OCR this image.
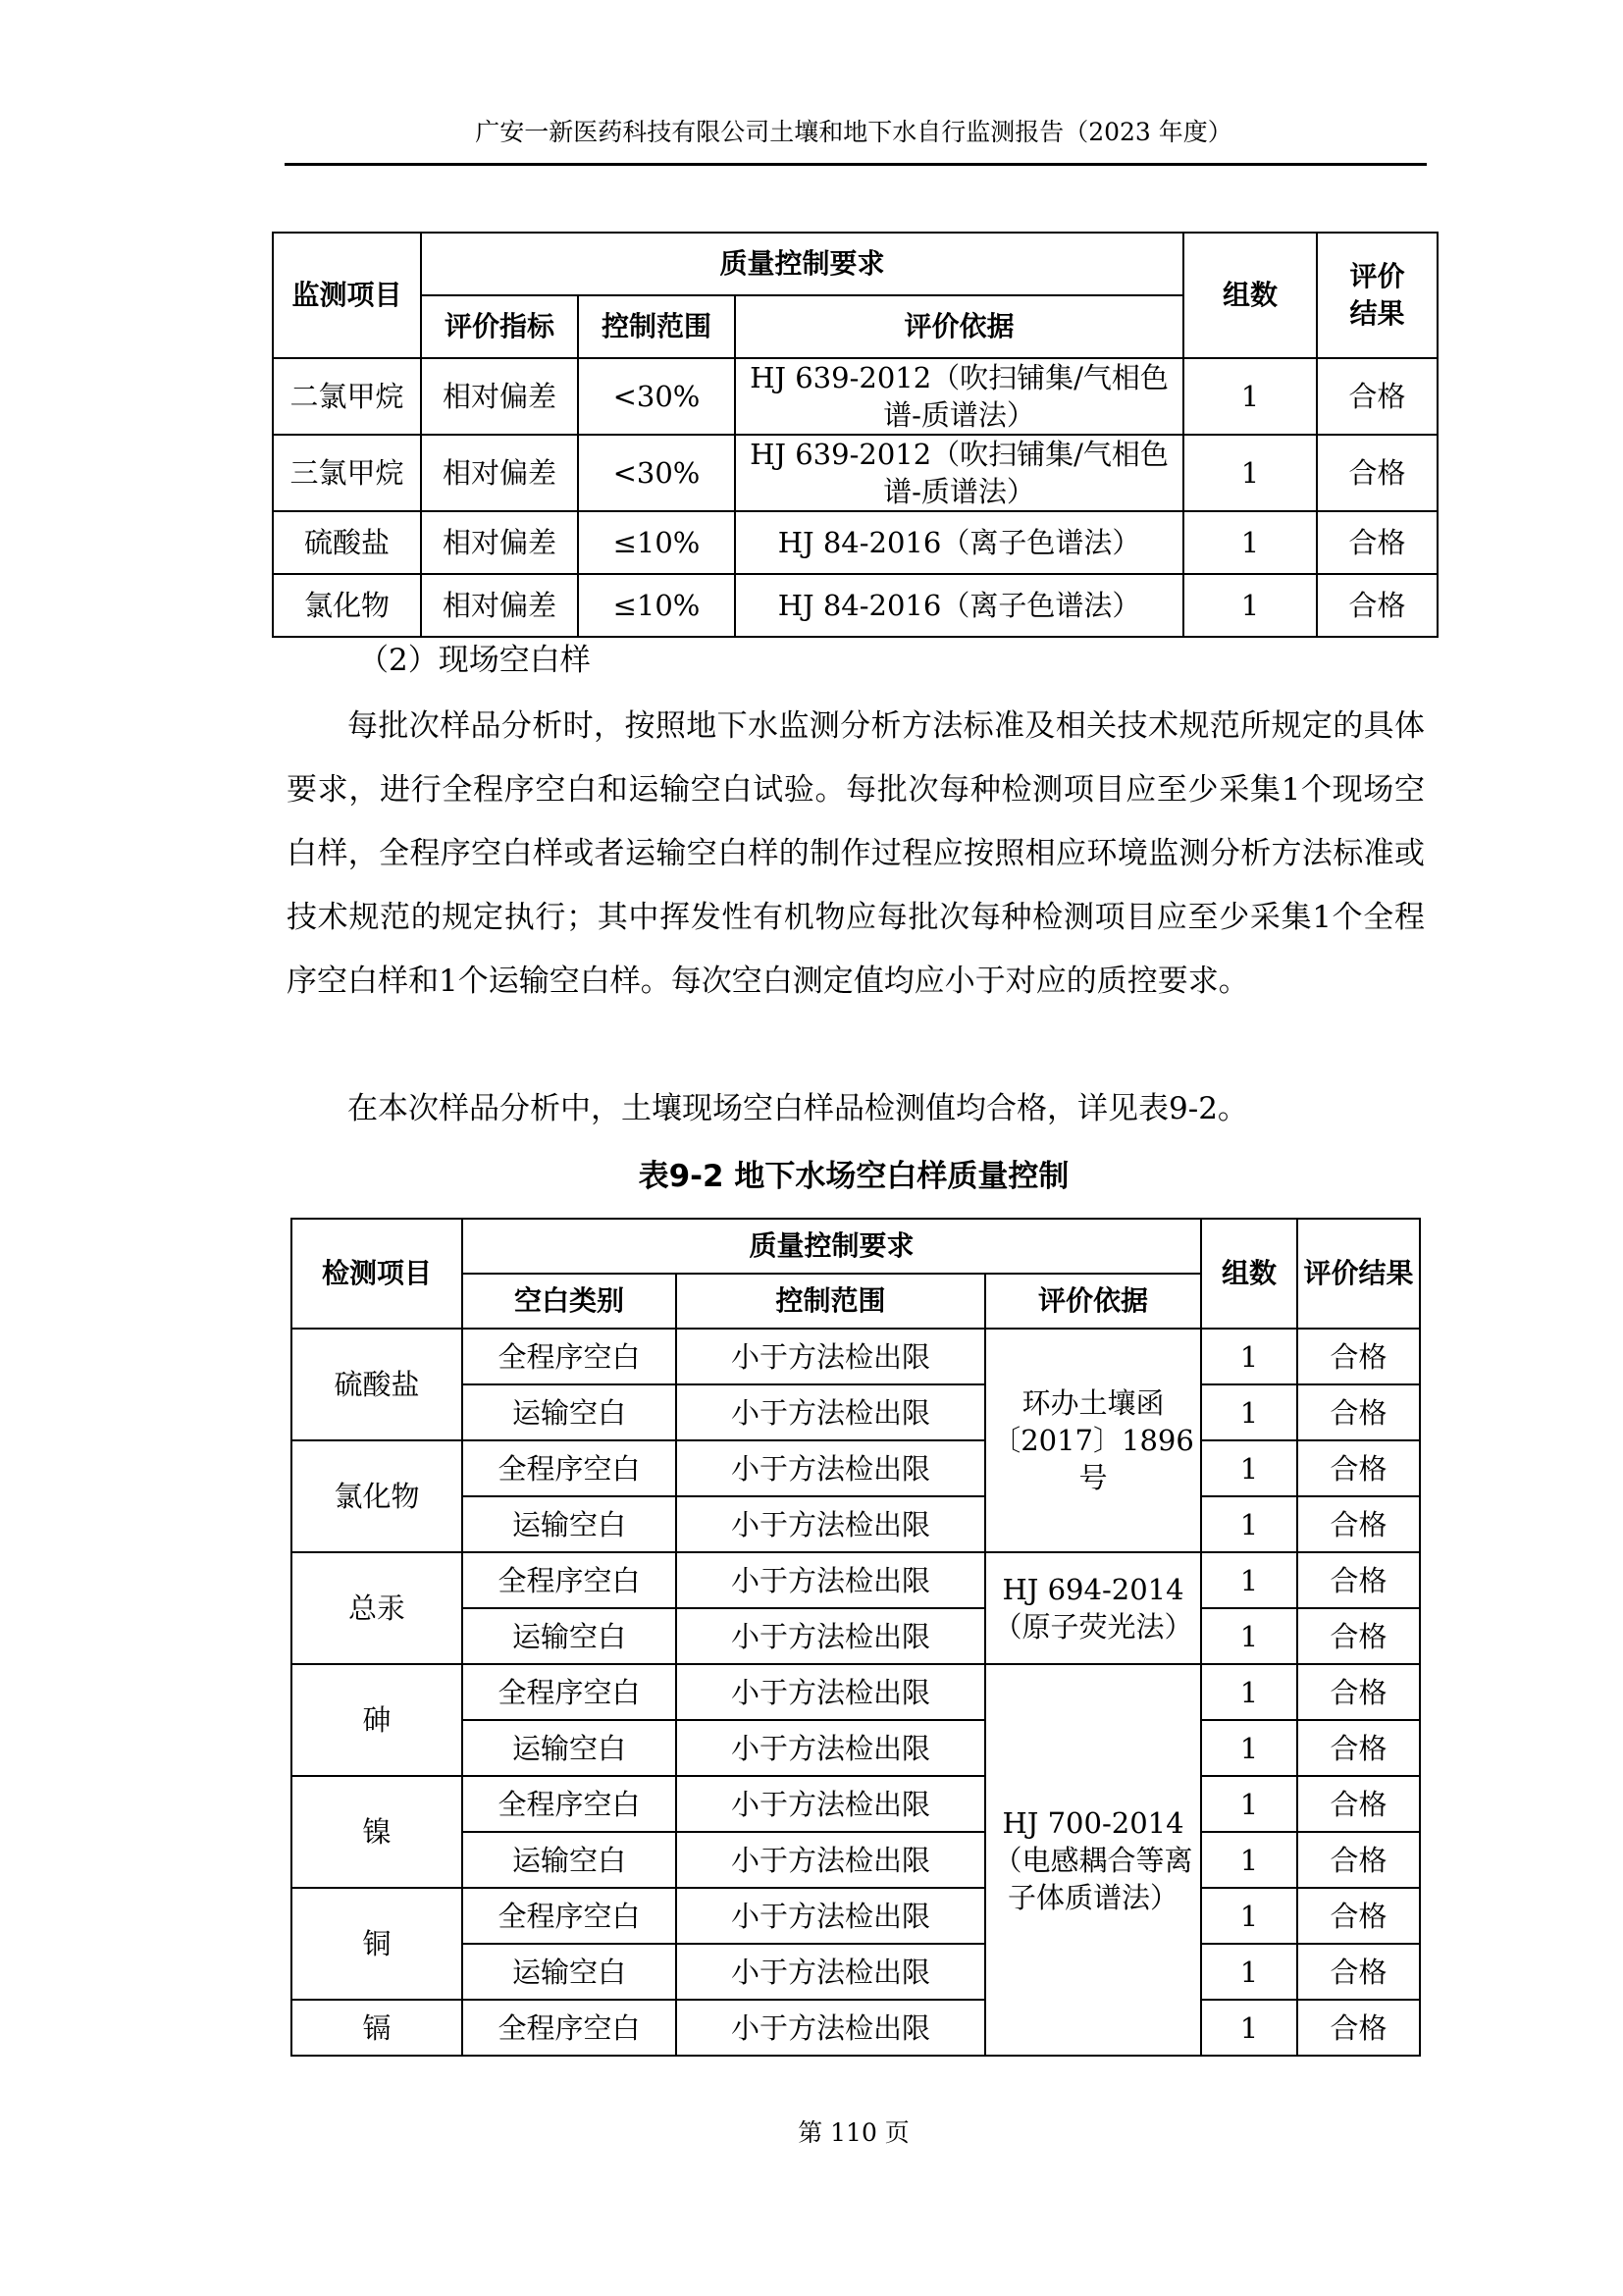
广安一新医药科技有限公司土壤和地下水自行监测报告（2023 年度）
监测项目	质量控制要求			组数	评价
结果
	评价指标	控制范围	评价依据		
二氯甲烷	相对偏差	<30%	HJ 639-2012（吹扫铺集/气相色谱-质谱法）	1	合格
三氯甲烷	相对偏差	<30%	HJ 639-2012（吹扫铺集/气相色谱-质谱法）	1	合格
硫酸盐	相对偏差	≤10%	HJ 84-2016（离子色谱法）	1	合格
氯化物	相对偏差	≤10%	HJ 84-2016（离子色谱法）	1	合格
（2）现场空白样

每批次样品分析时，按照地下水监测分析方法标准及相关技术规范所规定的具体要求，进行全程序空白和运输空白试验。每批次每种检测项目应至少采集1个现场空白样，全程序空白样或者运输空白样的制作过程应按照相应环境监测分析方法标准或技术规范的规定执行；其中挥发性有机物应每批次每种检测项目应至少采集1个全程序空白样和1个运输空白样。每次空白测定值均应小于对应的质控要求。

在本次样品分析中，土壤现场空白样品检测值均合格，详见表9-2。

表9-2 地下水场空白样质量控制
检测项目	质量控制要求			组数	评价结果
	空白类别	控制范围	评价依据		
硫酸盐	全程序空白	小于方法检出限	环办土壤函〔2017〕1896 号	1	合格
	运输空白	小于方法检出限		1	合格
氯化物	全程序空白	小于方法检出限		1	合格
	运输空白	小于方法检出限		1	合格
总汞	全程序空白	小于方法检出限	HJ 694-2014（原子荧光法）	1	合格
	运输空白	小于方法检出限		1	合格
砷	全程序空白	小于方法检出限	HJ 700-2014（电感耦合等离子体质谱法）	1	合格
	运输空白	小于方法检出限		1	合格
镍	全程序空白	小于方法检出限		1	合格
	运输空白	小于方法检出限		1	合格
铜	全程序空白	小于方法检出限		1	合格
	运输空白	小于方法检出限		1	合格
镉	全程序空白	小于方法检出限		1	合格
第 110 页
